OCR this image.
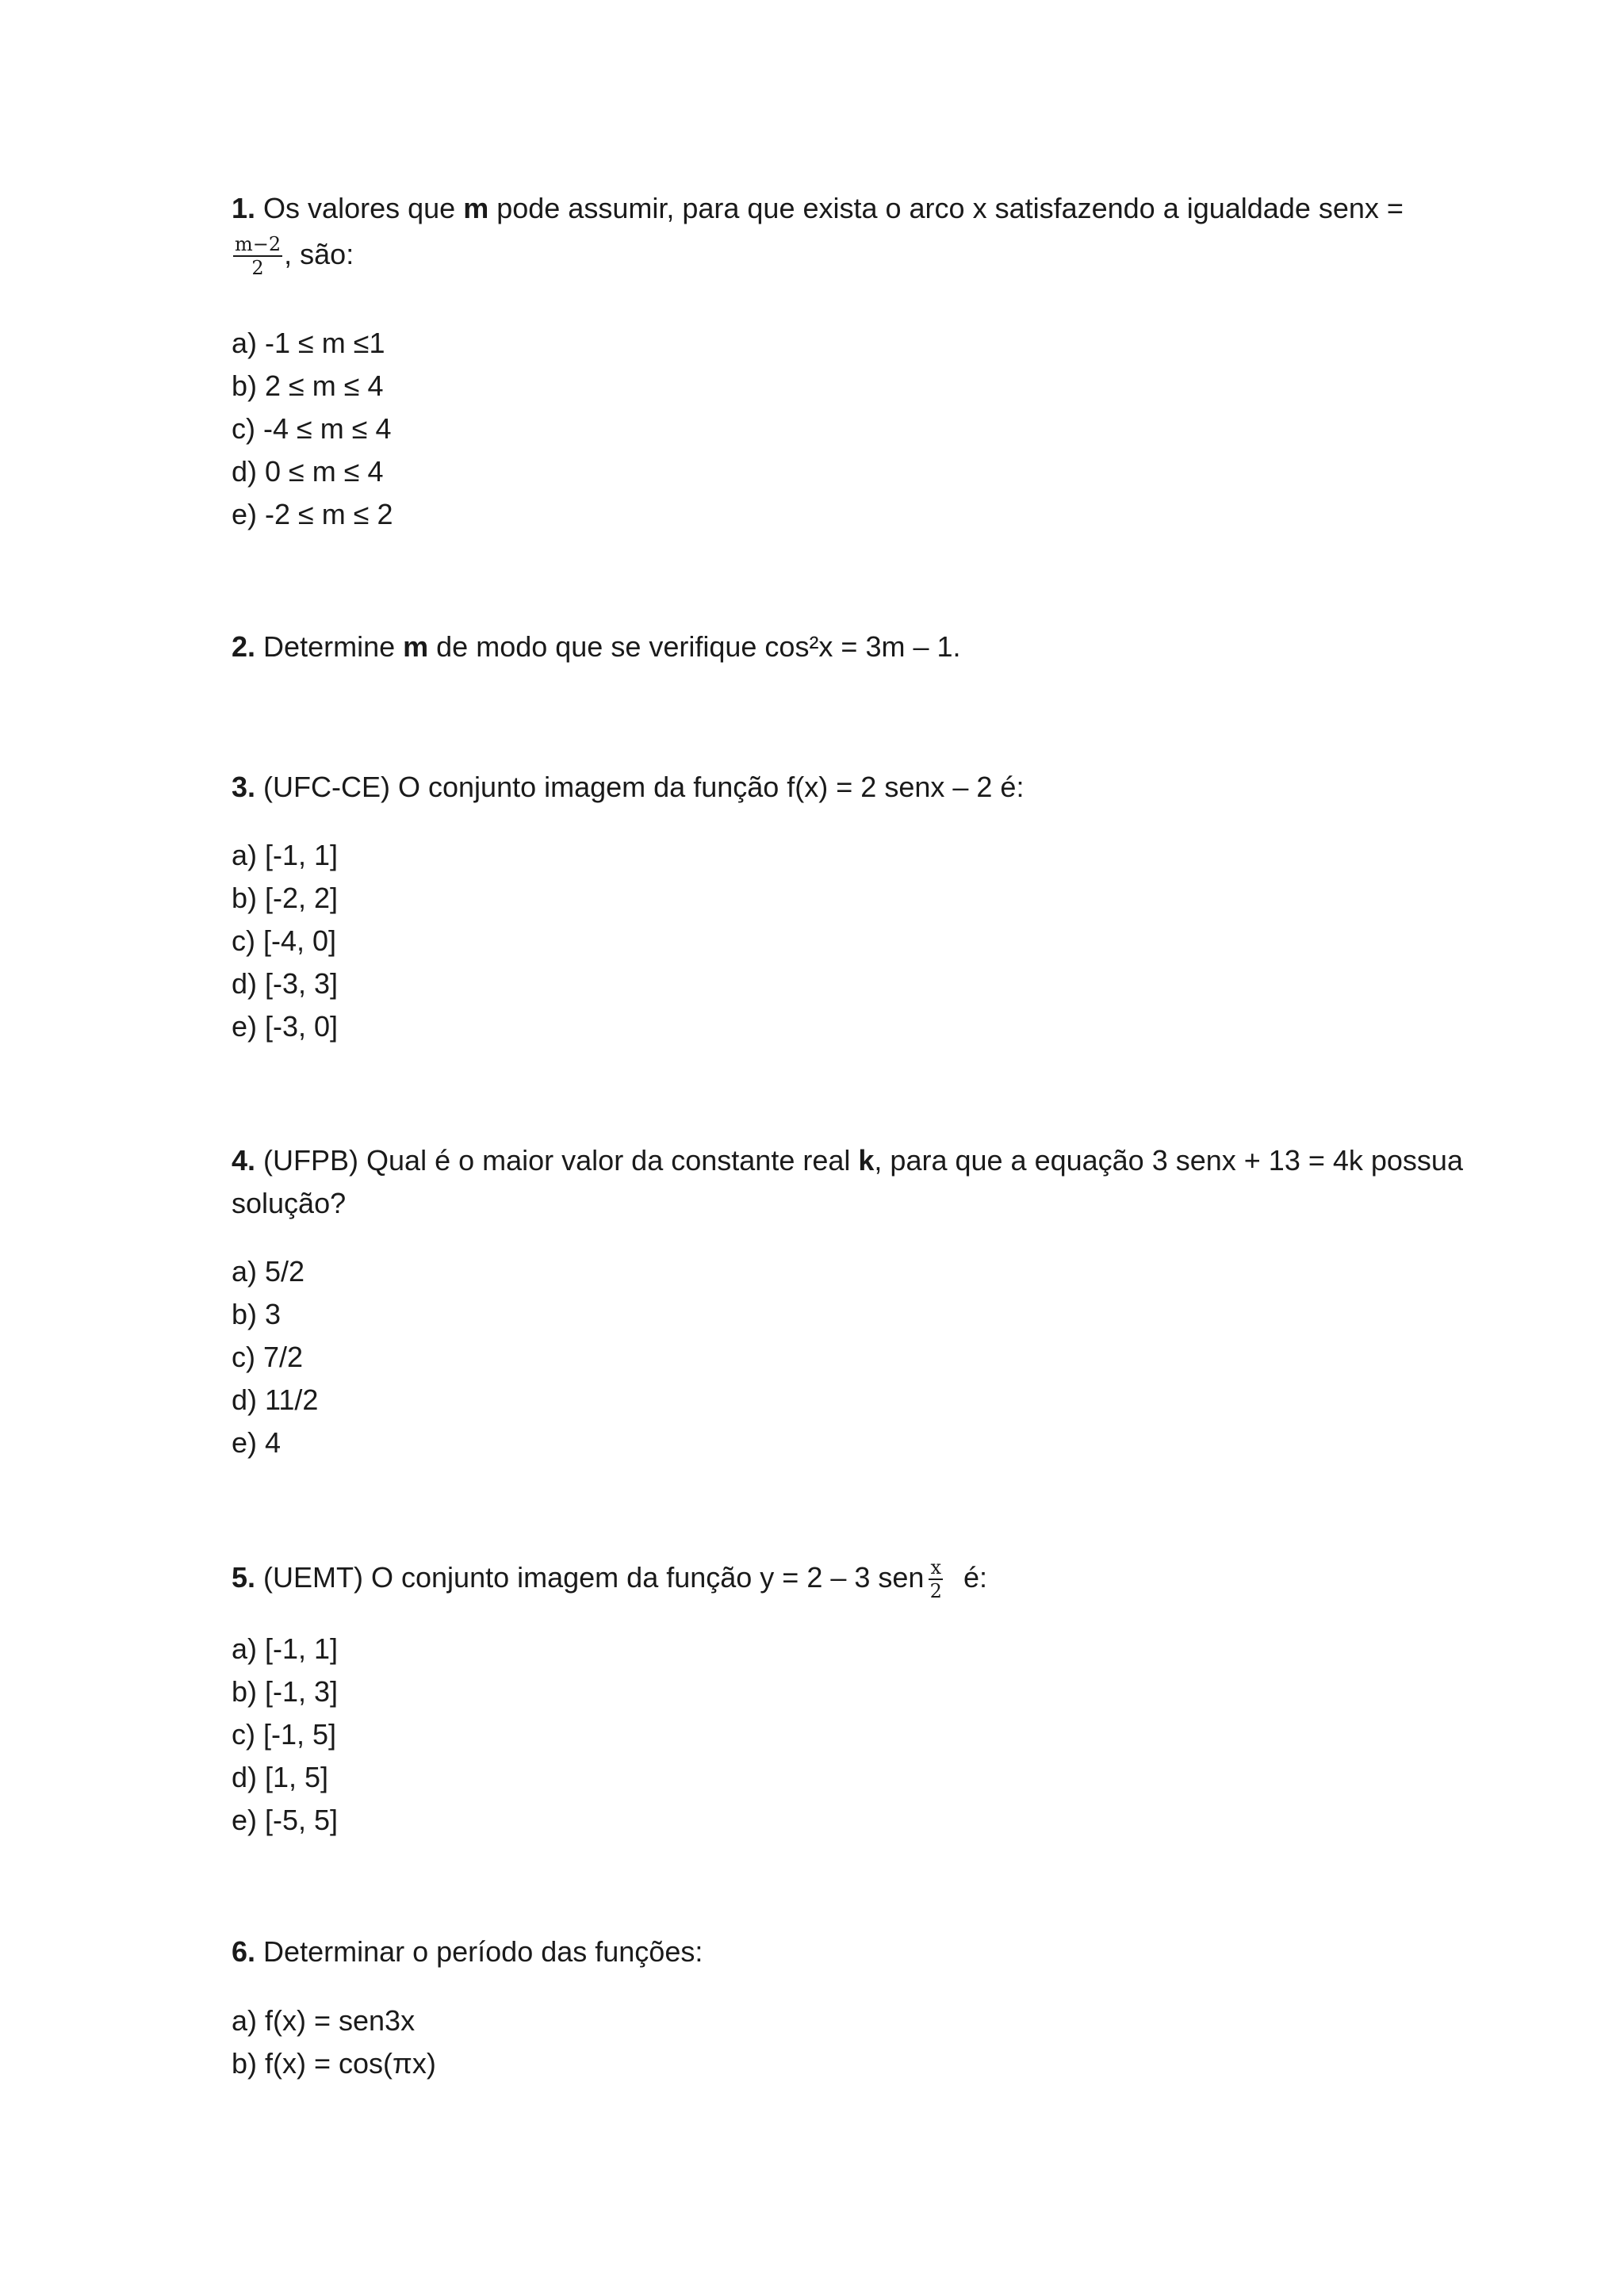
1. Os valores que m pode assumir, para que exista o arco x satisfazendo a igualdade senx =
$\frac{m-2}{2}$ , são:
a) -1 ≤ m ≤1
b) 2 ≤ m ≤ 4
c) -4 ≤ m ≤ 4
d) 0 ≤ m ≤ 4
e) -2 ≤ m ≤ 2
2. Determine m de modo que se verifique cos²x = 3m – 1.
3. (UFC-CE) O conjunto imagem da função f(x) = 2 senx – 2 é:
a) [-1, 1]
b) [-2, 2]
c) [-4, 0]
d) [-3, 3]
e) [-3, 0]
4. (UFPB) Qual é o maior valor da constante real k, para que a equação 3 senx + 13 = 4k possua
solução?
a) 5/2
b) 3
c) 7/2
d) 11/2
e) 4
5. (UEMT) O conjunto imagem da função y = 2 – 3 sen $\frac{x}{2}$ é:
a) [-1, 1]
b) [-1, 3]
c) [-1, 5]
d) [1, 5]
e) [-5, 5]
6. Determinar o período das funções:
a) f(x) = sen3x
b) f(x) = cos(πx)
